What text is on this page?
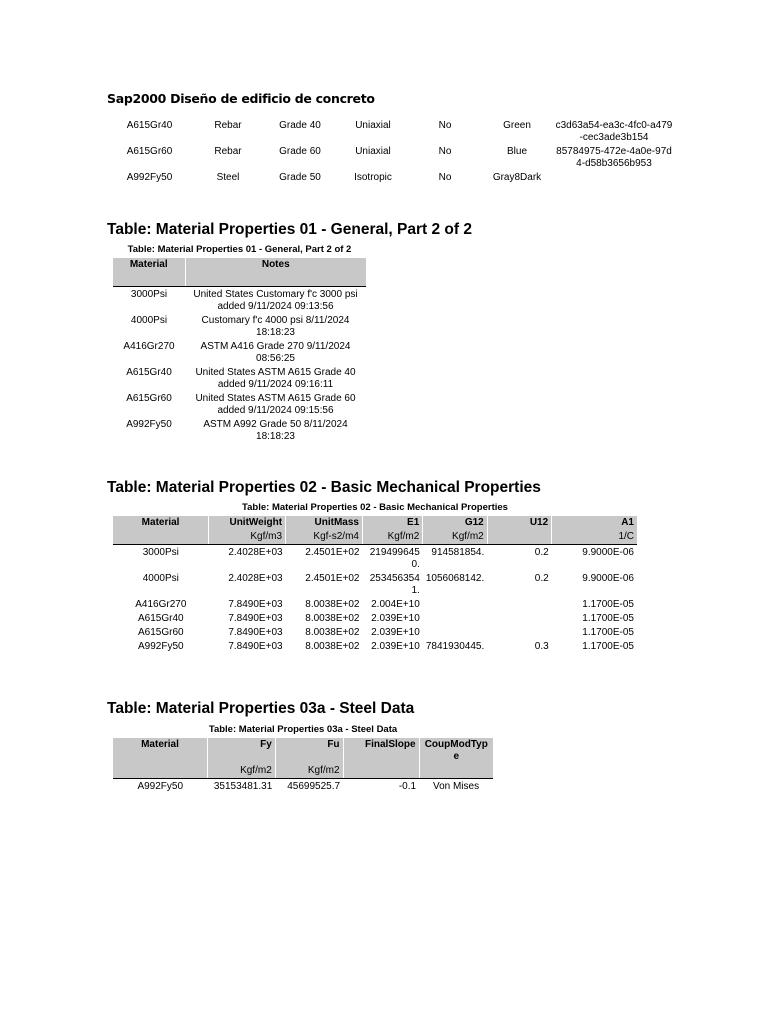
Sap2000 Diseño de edificio de concreto
A615Gr40	Rebar	Grade 40	Uniaxial	No	Green	c3d63a54-ea3c-4fc0-a479-cec3ade3b154
A615Gr60	Rebar	Grade 60	Uniaxial	No	Blue	85784975-472e-4a0e-97d4-d58b3656b953
A992Fy50	Steel	Grade 50	Isotropic	No	Gray8Dark	
Table: Material Properties 01 - General, Part 2 of 2
Table: Material Properties 01 - General, Part 2 of 2
Material	Notes

3000Psi	United States Customary f'c 3000 psi added 9/11/2024 09:13:56
4000Psi	Customary f'c 4000 psi 8/11/2024 18:18:23
A416Gr270	ASTM A416 Grade 270 9/11/2024 08:56:25
A615Gr40	United States ASTM A615 Grade 40 added 9/11/2024 09:16:11
A615Gr60	United States ASTM A615 Grade 60 added 9/11/2024 09:15:56
A992Fy50	ASTM A992 Grade 50 8/11/2024 18:18:23
Table: Material Properties 02 - Basic Mechanical Properties
Table: Material Properties 02 - Basic Mechanical Properties
Material	UnitWeight	UnitMass	E1	G12	U12	A1
	Kgf/m3	Kgf-s2/m4	Kgf/m2	Kgf/m2		1/C
3000Psi	2.4028E+03	2.4501E+02	2194996450.	914581854.	0.2	9.9000E-06
4000Psi	2.4028E+03	2.4501E+02	2534563541.	1056068142.	0.2	9.9000E-06
A416Gr270	7.8490E+03	8.0038E+02	2.004E+10			1.1700E-05
A615Gr40	7.8490E+03	8.0038E+02	2.039E+10			1.1700E-05
A615Gr60	7.8490E+03	8.0038E+02	2.039E+10			1.1700E-05
A992Fy50	7.8490E+03	8.0038E+02	2.039E+10	7841930445.	0.3	1.1700E-05
Table: Material Properties 03a - Steel Data
Table: Material Properties 03a - Steel Data
Material	Fy	Fu	FinalSlope	CoupModType
	Kgf/m2	Kgf/m2		
A992Fy50	35153481.31	45699525.7	-0.1	Von Mises
